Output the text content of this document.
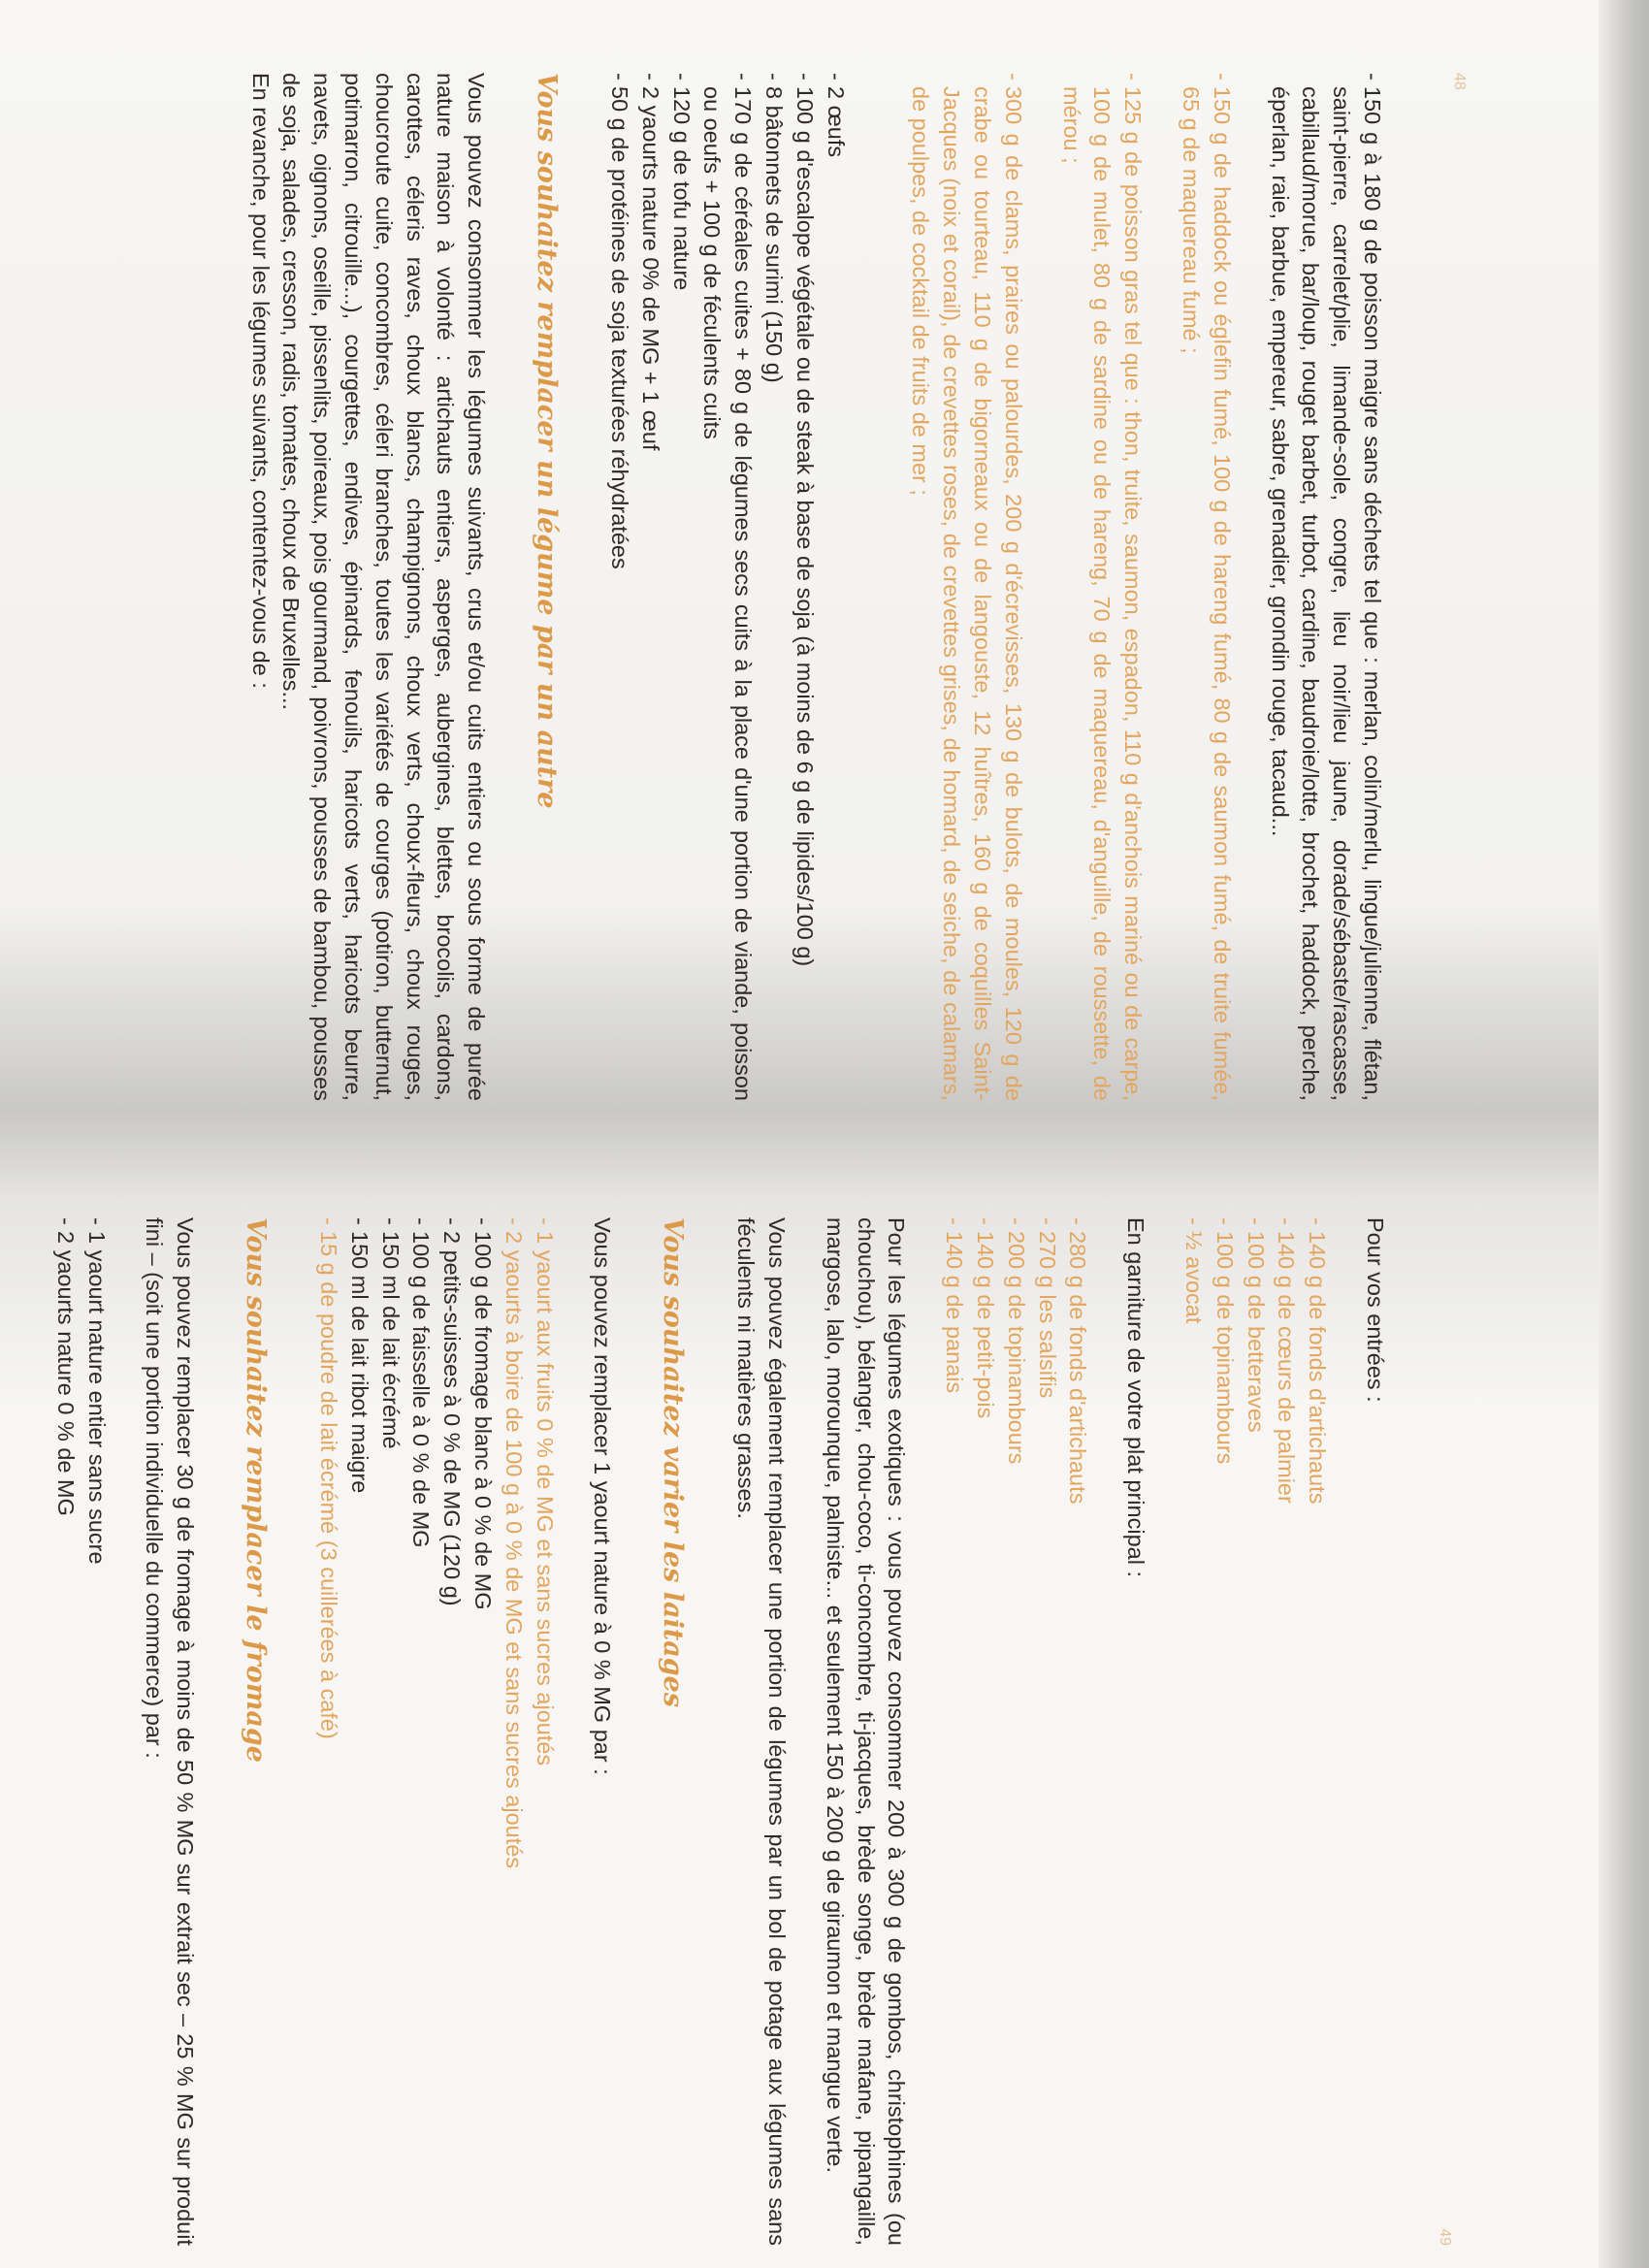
48
-
150 g à 180 g de poisson maigre sans déchets tel que : merlan, colin/merlu, lingue/julienne, flétan, saint-pierre, carrelet/plie, limande-sole, congre, lieu noir/lieu jaune, dorade/sébaste/rascasse, cabillaud/morue, bar/loup, rouget barbet, turbot, cardine, baudroie/lotte, brochet, haddock, perche, éperlan, raie, barbue, empereur, sabre, grenadier, grondin rouge, tacaud...
-
150 g de haddock ou églefin fumé, 100 g de hareng fumé, 80 g de saumon fumé, de truite fumée, 65 g de maquereau fumé ;
-
125 g de poisson gras tel que : thon, truite, saumon, espadon, 110 g d'anchois mariné ou de carpe, 100 g de mulet, 80 g de sardine ou de hareng, 70 g de maquereau, d'anguille, de roussette, de mérou ;
-
300 g de clams, praires ou palourdes, 200 g d'écrevisses, 130 g de bulots, de moules, 120 g de crabe ou tourteau, 110 g de bigorneaux ou de langouste, 12 huîtres, 160 g de coquilles Saint-Jacques (noix et corail), de crevettes roses, de crevettes grises, de homard, de seiche, de calamars, de poulpes, de cocktail de fruits de mer ;
-
2 œufs
-
100 g d'escalope végétale ou de steak à base de soja (à moins de 6 g de lipides/100 g)
-
8 bâtonnets de surimi (150 g)
-
170 g de céréales cuites + 80 g de légumes secs cuits à la place d'une portion de viande, poisson ou oeufs + 100 g de féculents cuits
-
120 g de tofu nature
-
2 yaourts nature 0% de MG + 1 œuf
-
50 g de protéines de soja texturées réhydratées
Vous souhaitez remplacer un légume par un autre

Vous pouvez consommer les légumes suivants, crus et/ou cuits entiers ou sous forme de purée nature maison à volonté : artichauts entiers, asperges, aubergines, blettes, brocolis, cardons, carottes, céleris raves, choux blancs, champignons, choux verts, choux-fleurs, choux rouges, choucroute cuite, concombres, céleri branches, toutes les variétés de courges (potiron, butternut, potimarron, citrouille...), courgettes, endives, épinards, fenouils, haricots verts, haricots beurre, navets, oignons, oseille, pissenlits, poireaux, pois gourmand, poivrons, pousses de bambou, pousses de soja, salades, cresson, radis, tomates, choux de Bruxelles...

En revanche, pour les légumes suivants, contentez-vous de :

49

Pour vos entrées :

-
140 g de fonds d'artichauts
-
140 g de cœurs de palmier
-
100 g de betteraves
-
100 g de topinambours
-
½ avocat

En garniture de votre plat principal :

-
280 g de fonds d'artichauts
-
270 g les salsifis
-
200 g de topinambours
-
140 g de petit-pois
-
140 g de panais

Pour les légumes exotiques : vous pouvez consommer 200 à 300 g de gombos, christophines (ou chouchou), bélanger, chou-coco, ti-concombre, ti-jacques, brède songe, brède mafane, pipangaille, margose, lalo, morounque, palmiste... et seulement 150 à 200 g de giraumon et mangue verte.

Vous pouvez également remplacer une portion de légumes par un bol de potage aux légumes sans féculents ni matières grasses.

Vous souhaitez varier les laitages

Vous pouvez remplacer 1 yaourt nature à 0 % MG par :

-
1 yaourt aux fruits 0 % de MG et sans sucres ajoutés
-
2 yaourts à boire de 100 g à 0 % de MG et sans sucres ajoutés
-
100 g de fromage blanc à 0 % de MG
-
2 petits-suisses à 0 % de MG (120 g)
-
100 g de faisselle à 0 % de MG
-
150 ml de lait écrémé
-
150 ml de lait ribot maigre
-
15 g de poudre de lait écrémé (3 cuillerées à café)
Vous souhaitez remplacer le fromage

Vous pouvez remplacer 30 g de fromage à moins de 50 % MG sur extrait sec – 25 % MG sur produit fini – (soit une portion individuelle du commerce) par :

-
1 yaourt nature entier sans sucre
-
2 yaourts nature 0 % de MG
